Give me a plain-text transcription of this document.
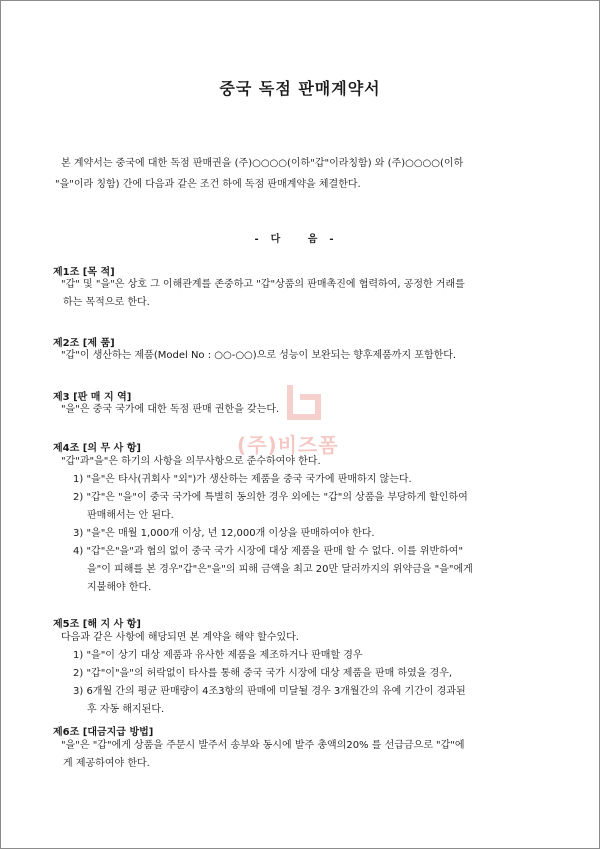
중국 독점 판매계약서
본 계약서는 중국에 대한 독점 판매권을 (주)○○○○(이하"갑"이라칭함) 와 (주)○○○○(이하
"을"이라 칭함) 간에 다음과 같은 조건 하에 독점 판매계약을 체결한다.
-다 음-
(주)비즈폼
제1조 [목 적]
"갑" 및 "을"은 상호 그 이해관계를 존중하고 "갑"상품의 판매촉진에 협력하여, 공정한 거래를
하는 목적으로 한다.
제2조 [제 품]
"갑"이 생산하는 제품(Model No : ○○-○○)으로 성능이 보완되는 향후제품까지 포함한다.
제3 [판 매 지 역]
"을"은 중국 국가에 대한 독점 판매 권한을 갖는다.
제4조 [의 무 사 항]
"갑"과"을"은 하기의 사항을 의무사항으로 준수하여야 한다.
1) "을"은 타사(귀회사 "외")가 생산하는 제품을 중국 국가에 판매하지 않는다.
2) "갑"은 "을"이 중국 국가에 특별히 동의한 경우 외에는 "갑"의 상품을 부당하게 할인하여
판매해서는 안 된다.
3) "을"은 매월 1,000개 이상, 년 12,000개 이상을 판매하여야 한다.
4) "갑"은"을"과 협의 없이 중국 국가 시장에 대상 제품을 판매 할 수 없다. 이를 위반하여"
을"이 피해를 본 경우"갑"은"을"의 피해 금액을 최고 20만 달러까지의 위약금을 "을"에게
지불해야 한다.
제5조 [해 지 사 항]
다음과 같은 사항에 해당되면 본 계약을 해약 할수있다.
1) "을"이 상기 대상 제품과 유사한 제품을 제조하거나 판매할 경우
2) "갑"이"을"의 허락없이 타사를 통해 중국 국가 시장에 대상 제품을 판매 하였을 경우,
3) 6개월 간의 평균 판매량이 4조3항의 판매에 미달될 경우 3개월간의 유예 기간이 경과된
후 자동 해지된다.
제6조 [대금지급 방법]
"을"은 "갑"에게 상품을 주문시 발주서 송부와 동시에 발주 총액의20% 를 선급금으로 "갑"에
게 제공하여야 한다.
